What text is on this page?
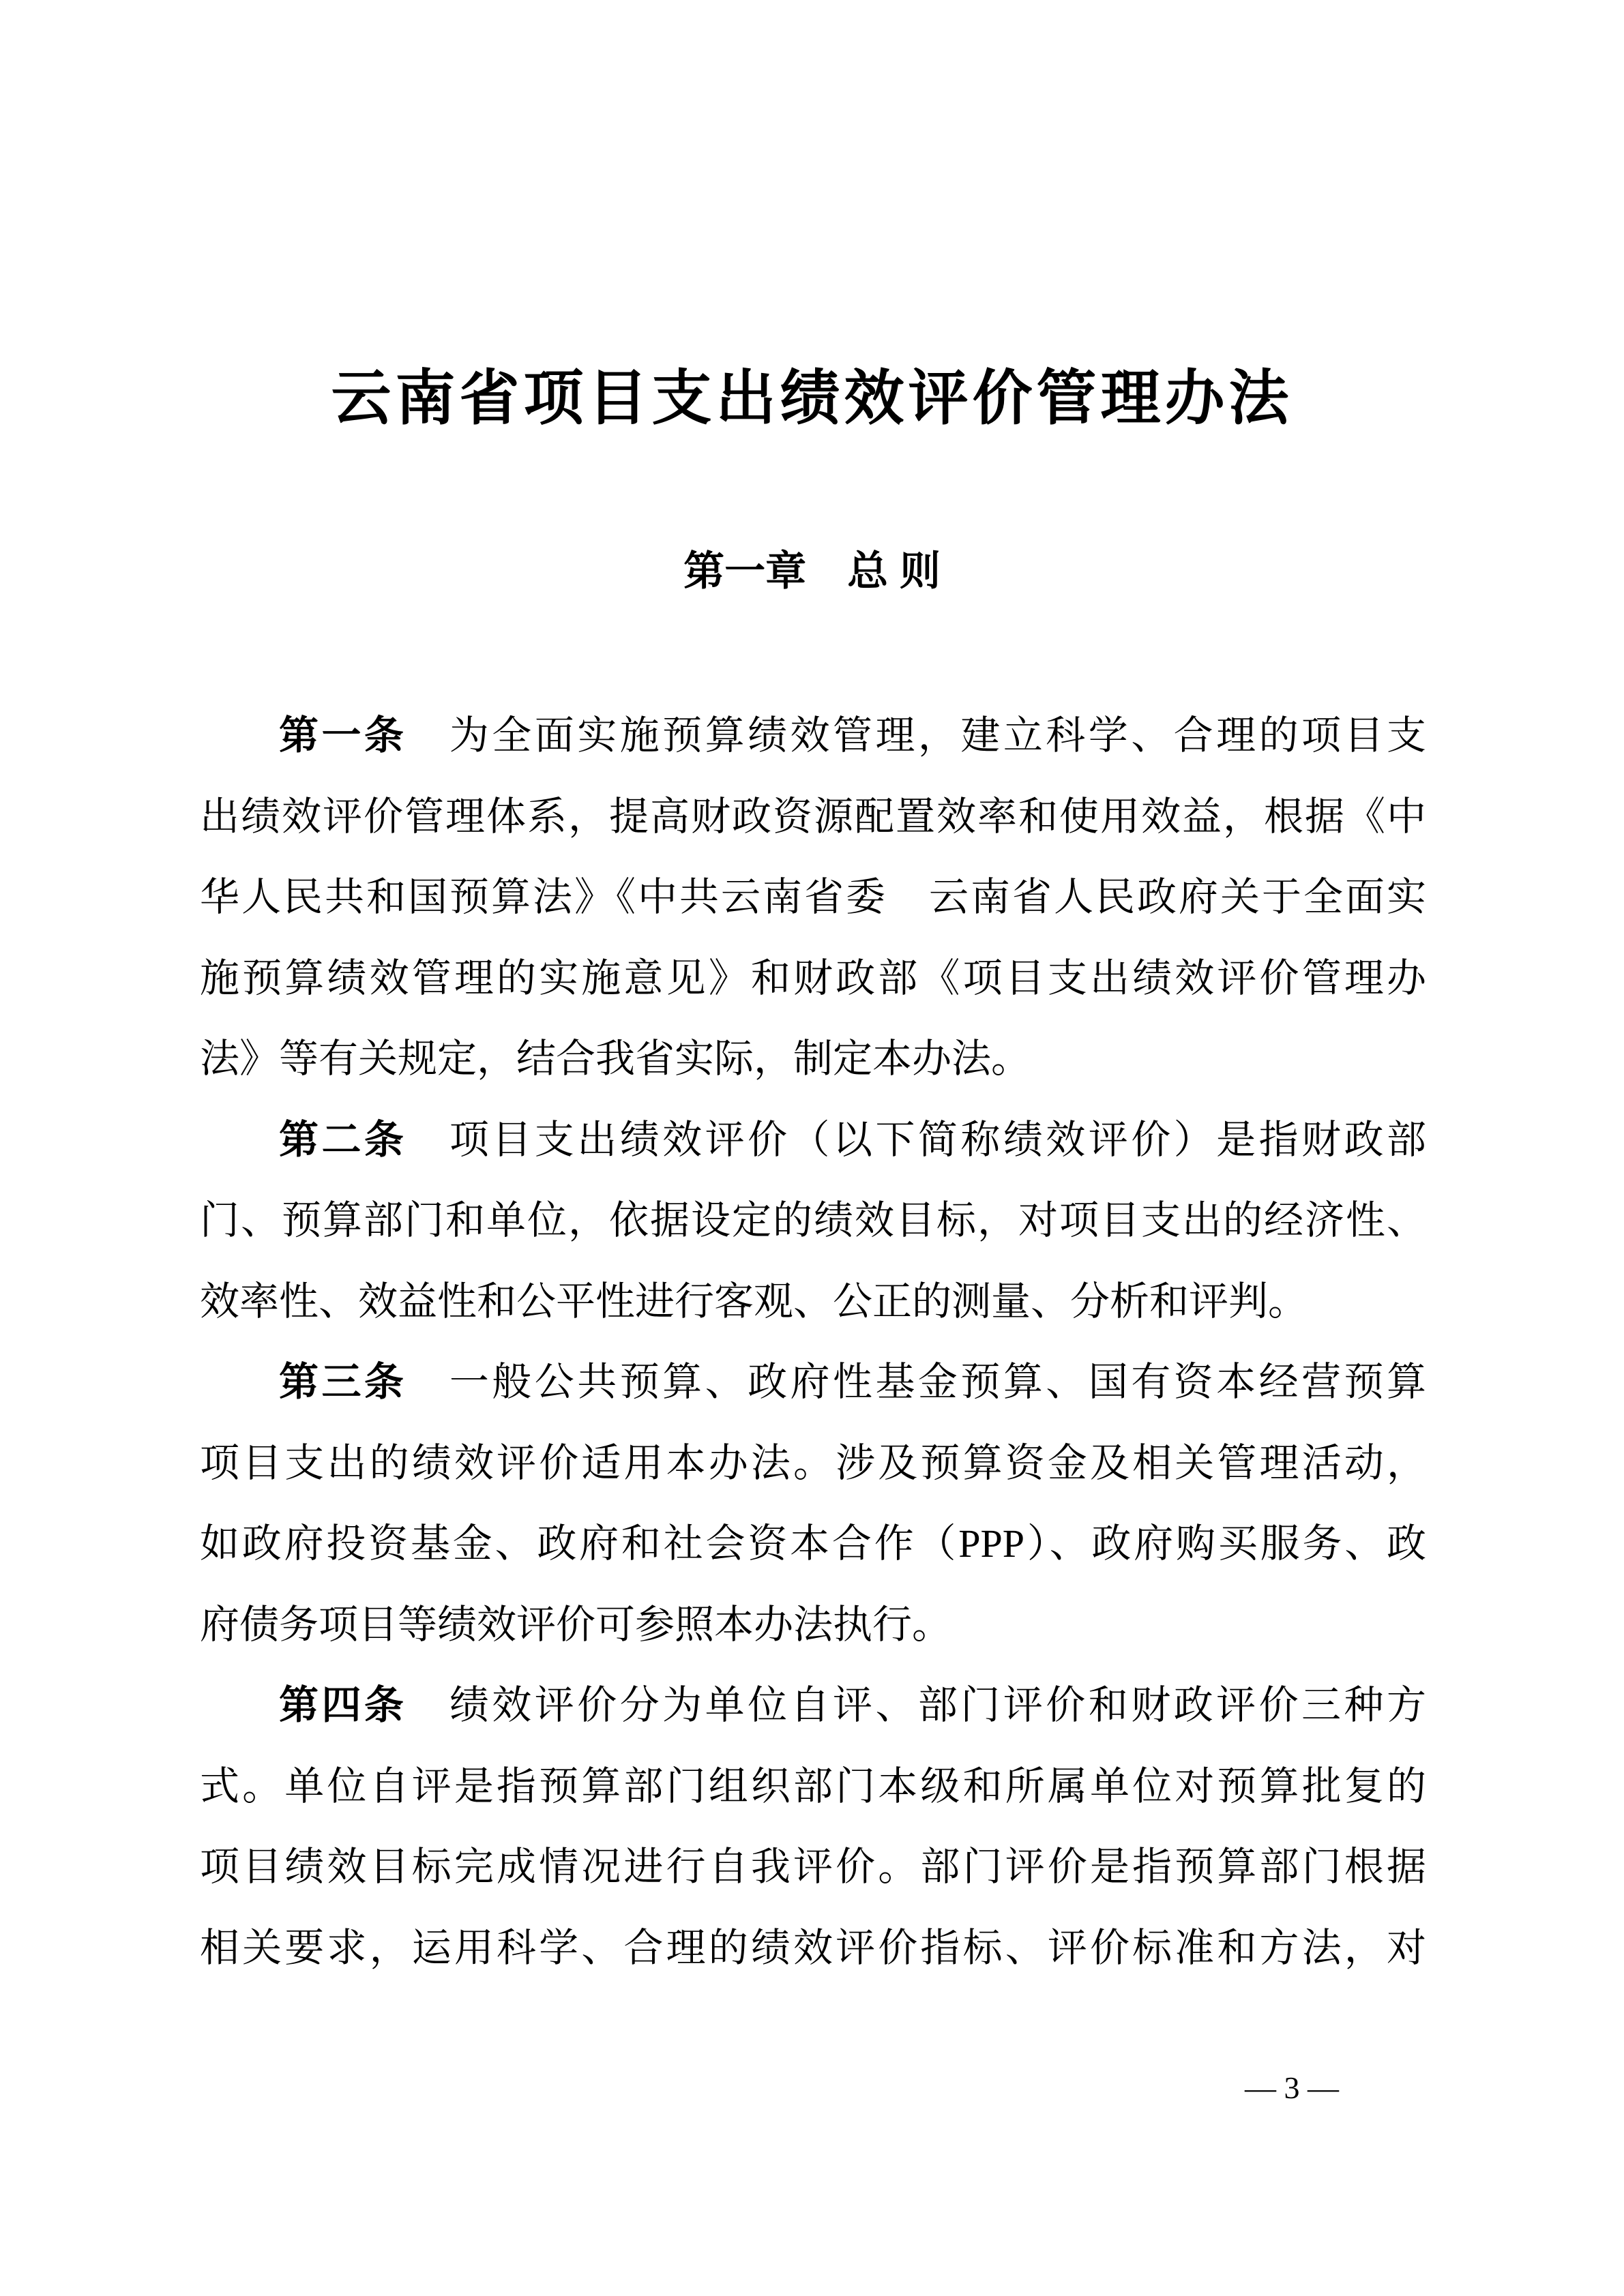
云南省项目支出绩效评价管理办法
第一章　总 则
第一条　为全面实施预算绩效管理，建立科学、合理的项目支
出绩效评价管理体系，提高财政资源配置效率和使用效益，根据《中
华人民共和国预算法》《中共云南省委　云南省人民政府关于全面实
施预算绩效管理的实施意见》和财政部《项目支出绩效评价管理办
法》等有关规定，结合我省实际，制定本办法。
第二条　项目支出绩效评价（以下简称绩效评价）是指财政部
门、预算部门和单位，依据设定的绩效目标，对项目支出的经济性、
效率性、效益性和公平性进行客观、公正的测量、分析和评判。
第三条　一般公共预算、政府性基金预算、国有资本经营预算
项目支出的绩效评价适用本办法。涉及预算资金及相关管理活动，
如政府投资基金、政府和社会资本合作（PPP）、政府购买服务、政
府债务项目等绩效评价可参照本办法执行。
第四条　绩效评价分为单位自评、部门评价和财政评价三种方
式。单位自评是指预算部门组织部门本级和所属单位对预算批复的
项目绩效目标完成情况进行自我评价。部门评价是指预算部门根据
相关要求，运用科学、合理的绩效评价指标、评价标准和方法，对
— 3 —
